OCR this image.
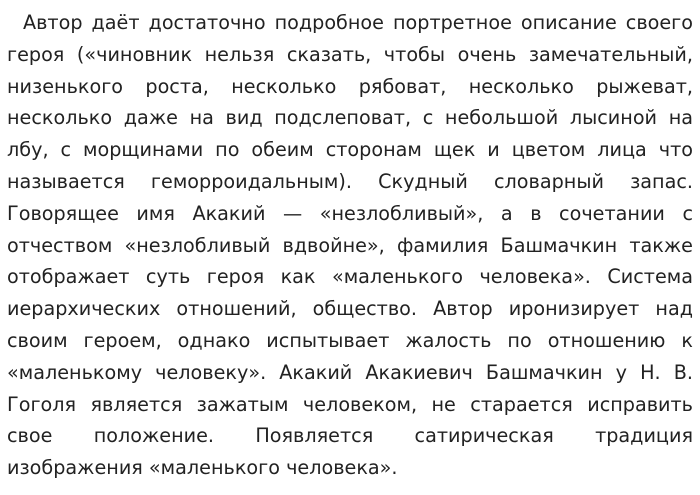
Автор даёт достаточно подробное портретное описание своего героя («чиновник нельзя сказать, чтобы очень замечательный, низенького роста, несколько рябоват, несколько рыжеват, несколько даже на вид подслеповат, с небольшой лысиной на лбу, с морщинами по обеим сторонам щек и цветом лица что называется геморроидальным). Скудный словарный запас. Говорящее имя Акакий — «незлобливый», а в сочетании с отчеством «незлобливый вдвойне», фамилия Башмачкин также отображает суть героя как «маленького человека». Система иерархических отношений, общество. Автор иронизирует над своим героем, однако испытывает жалость по отношению к «маленькому человеку». Акакий Акакиевич Башмачкин у Н. В. Гоголя является зажатым человеком, не старается исправить свое положение. Появляется сатирическая традиция изображения «маленького человека».
